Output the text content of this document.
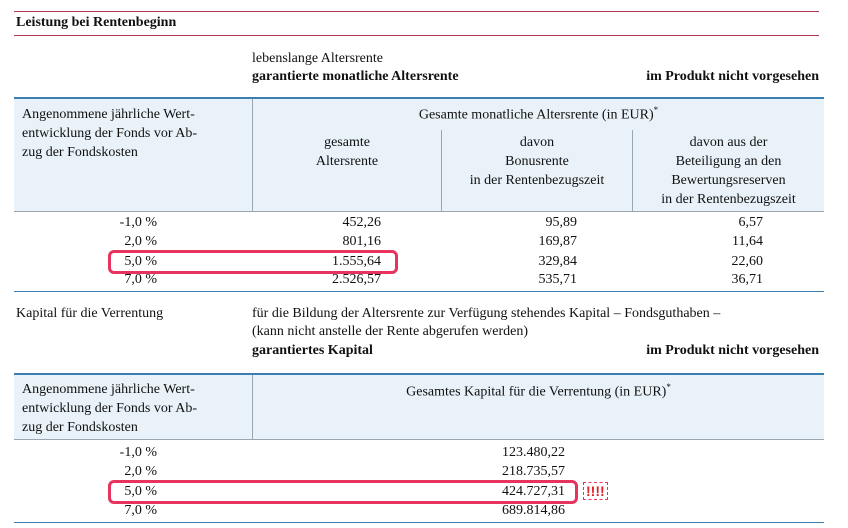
Leistung bei Rentenbeginn
lebenslange Altersrente
garantierte monatliche Altersrente	im Produkt nicht vorgesehen
Angenommene jährliche Wert-
entwicklung der Fonds vor Ab-
zug der Fondskosten
Gesamte monatliche Altersrente (in EUR)*
gesamte
Altersrente
davon
Bonusrente
in der Rentenbezugszeit
davon aus der
Beteiligung an den
Bewertungsreserven
in der Rentenbezugszeit
-1,0 %	452,26	95,89	6,57
2,0 %	801,16	169,87	11,64
5,0 %	1.555,64	329,84	22,60
7,0 %	2.526,57	535,71	36,71
Kapital für die Verrentung	für die Bildung der Altersrente zur Verfügung stehendes Kapital – Fondsguthaben –
(kann nicht anstelle der Rente abgerufen werden)
garantiertes Kapital	im Produkt nicht vorgesehen
Angenommene jährliche Wert-
entwicklung der Fonds vor Ab-
zug der Fondskosten
Gesamtes Kapital für die Verrentung (in EUR)*
-1,0 %	123.480,22
2,0 %	218.735,57
5,0 %	424.727,31
7,0 %	689.814,86
!!!!
